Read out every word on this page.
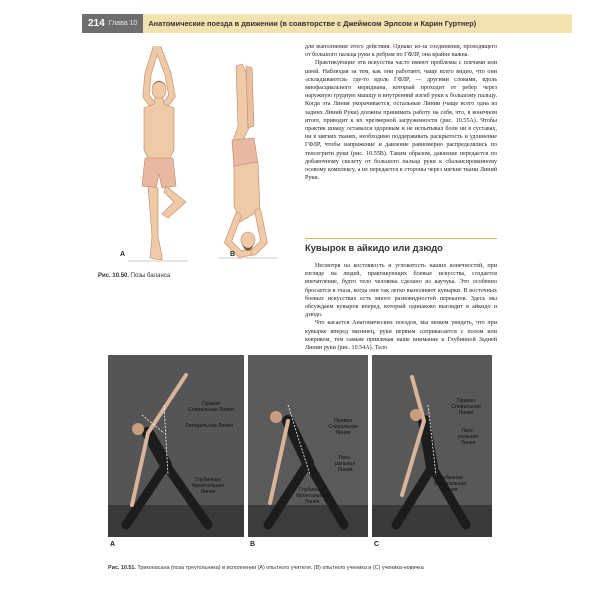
214 Глава 10	Анатомические поезда в движении (в соавторстве с Джеймсом Эрлсом и Карин Гуртнер)
A	B
Рис. 10.50. Позы баланса

для выполнения этого действия. Однако из-за соединения, проходящего от большого пальца руки к ребрам по ГФЛР, она крайне важна.

Практикующие эти искусства часто имеют проблемы с плечами или шеей. Наблюдая за тем, как они работают, чаще всего видно, что они «складываются» где-то вдоль ГФЛР, — другими словами, вдоль миофасциального меридиана, который проходит от ребер через наружную грудную мышцу и внутренний изгиб руки к большому пальцу. Когда эта Линия укорачивается, остальные Линии (чаще всего одна из задних Линий Руки) должны принимать работу на себя, что, в конечном итоге, приводит к их чрезмерной загруженности (рис. 10.55А). Чтобы практик шиацу оставался здоровым и не испытывал боли ни в суставах, ни в мягких тканях, необходимо поддерживать раскрытость и удлинение ГФЛР, чтобы напряжение и давление равномерно распределялись по тенсегрити руки (рис. 10.55В). Таким образом, давление передается по добавочному скелету от большого пальца руки к сбалансированному осевому комплексу, а не передается в стороны через мягкие ткани Линий Руки.

Кувырок в айкидо или дзюдо

Несмотря на костлявость и угловатость наших конечностей, при взгляде на людей, практикующих боевые искусства, создается впечатление, будто тело человека сделано из каучука. Это особенно бросается в глаза, когда они так легко выполняют кувырки. В восточных боевых искусствах есть много разновидностей перекатов. Здесь мы обсуждаем кувырок вперед, который одинаково выглядит в айкидо и дзюдо.

Что касается Анатомических поездов, мы можем увидеть, что при кувырке вперед мизинец, руки первым соприкасается с полом или ковриком, тем самым привлекая наше внимание к Глубинной Задней Линии руки (рис. 10.54А). Тело

Правая
Спиральная Линия
Латеральная Линия
Глубинная
Фронтальная
Линия
A
Правая
Спиральная
Линия
Лате-
ральная
Линия
Глубинная
Фронтальная
Линия
B
Правая
Спиральная
Линия
Лате-
ральная
Линия
Глубинная
Фронтальная
Линия
C
Рис. 10.51. Триконасана (поза треугольника) в исполнении (А) опытного учителя, (В) опытного ученика и (С) ученика-новичка
